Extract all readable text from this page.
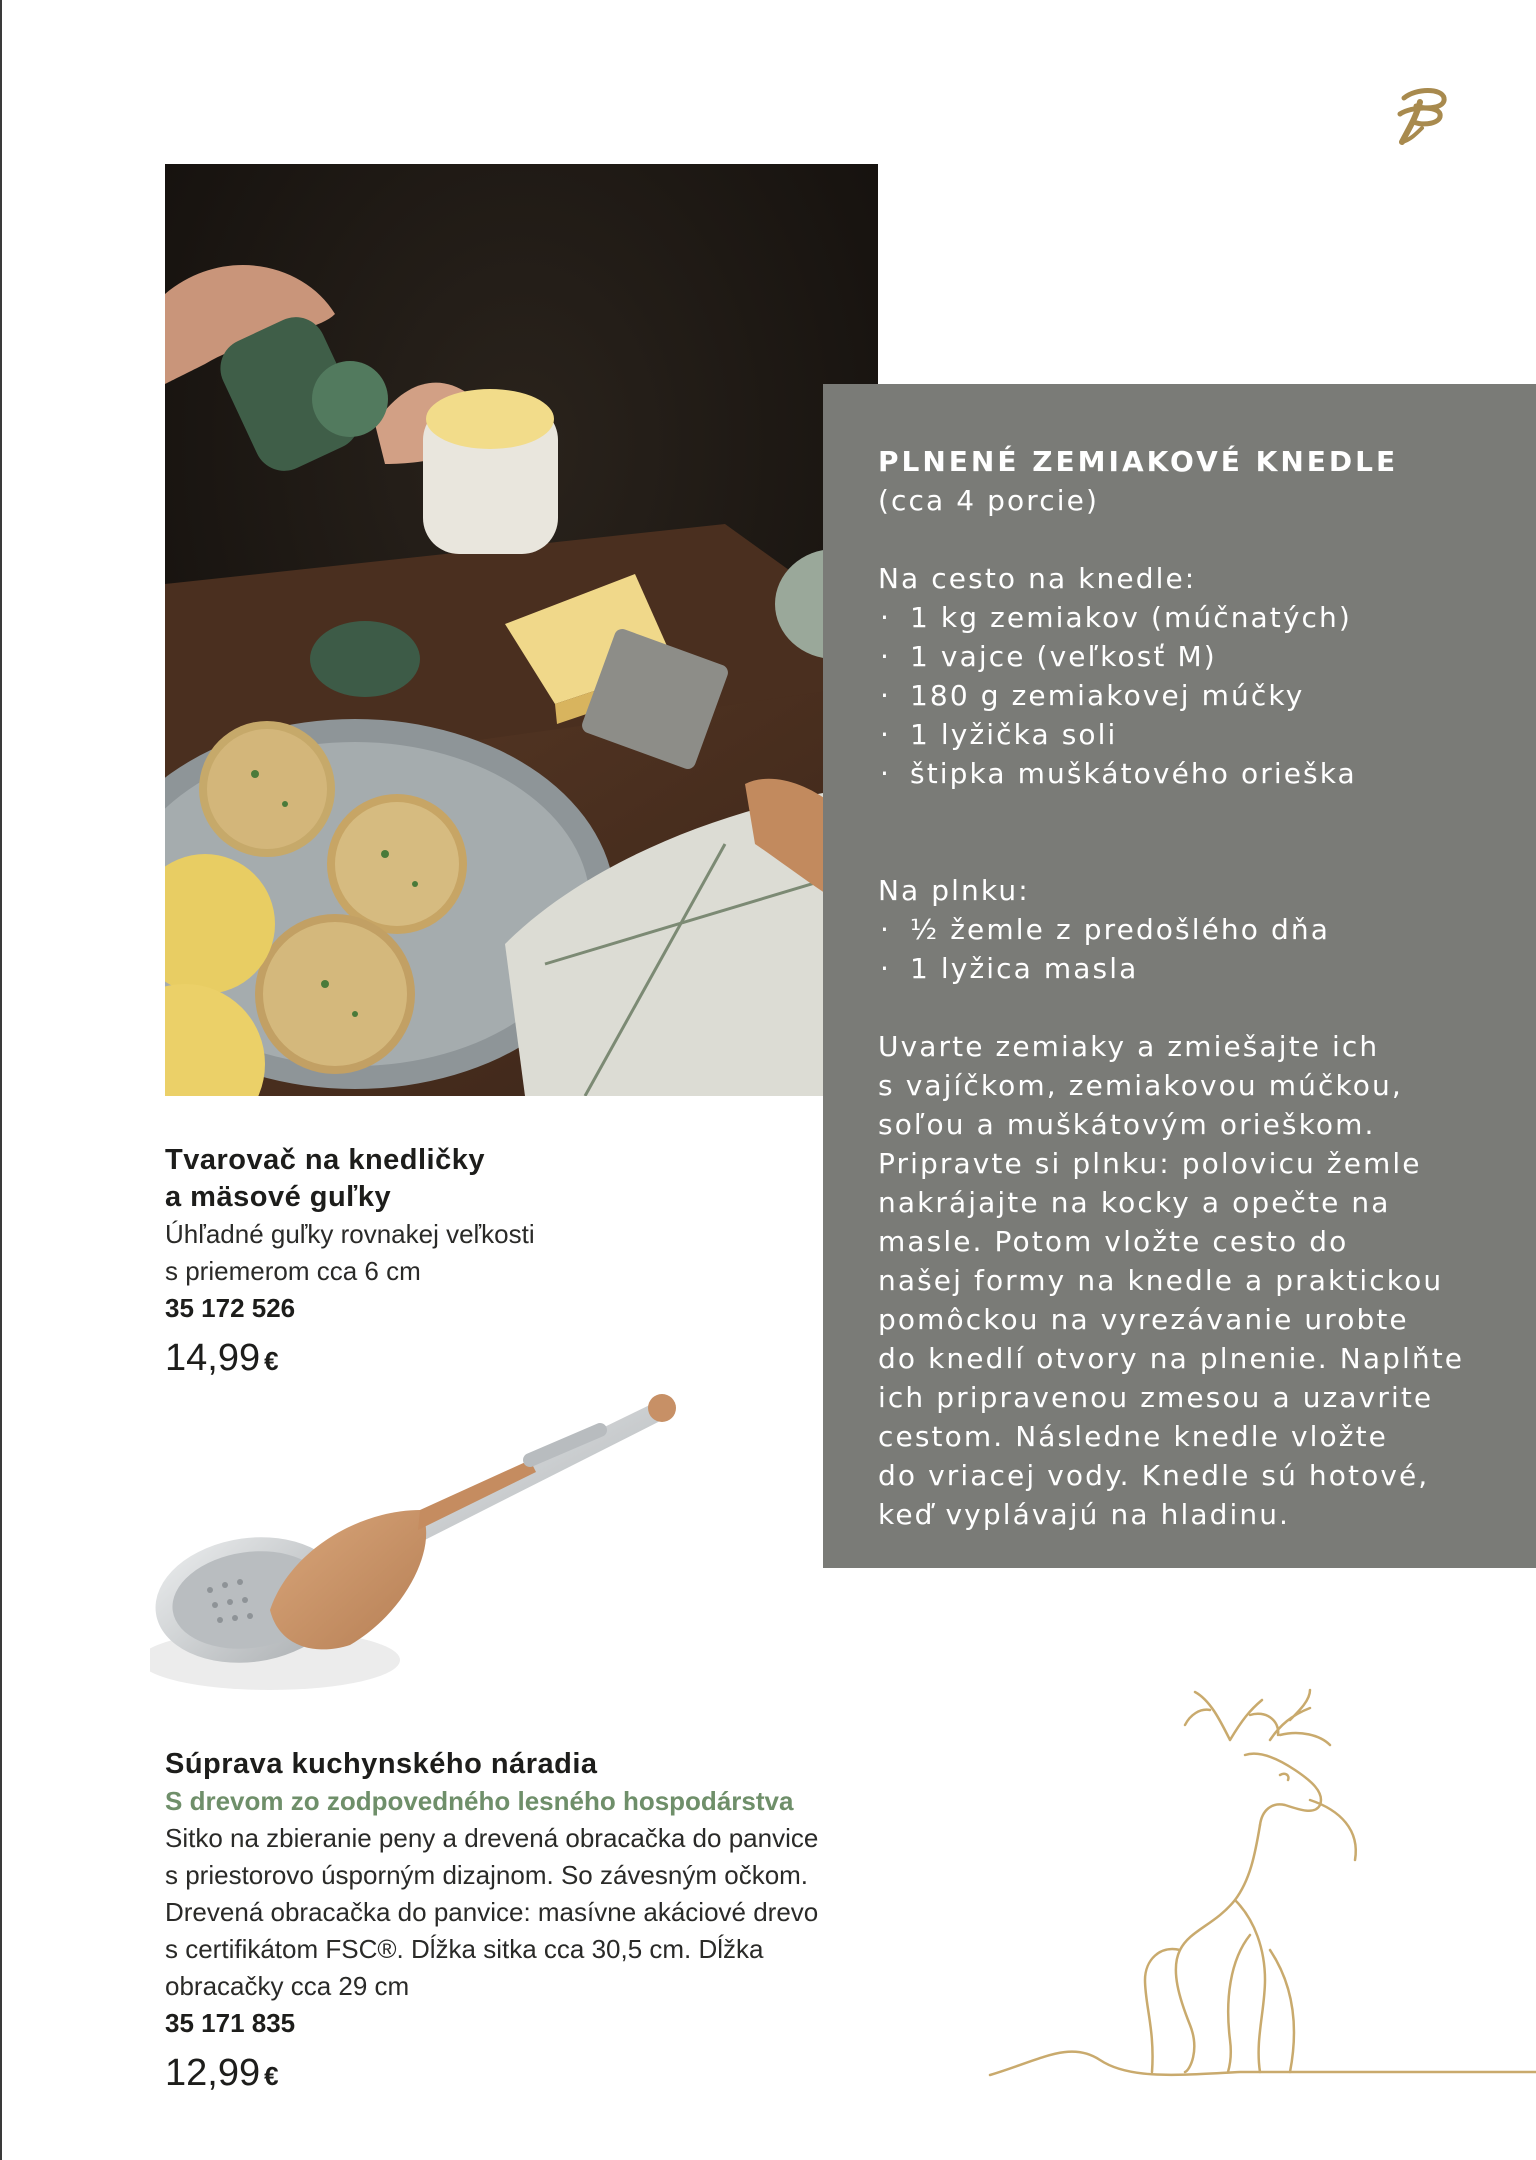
PLNENÉ ZEMIAKOVÉ KNEDLE
(cca 4 porcie)
Na cesto na knedle:
· 1 kg zemiakov (múčnatých)
· 1 vajce (veľkosť M)
· 180 g zemiakovej múčky
· 1 lyžička soli
· štipka muškátového orieška
Na plnku:
· ½ žemle z predošlého dňa
· 1 lyžica masla
Uvarte zemiaky a zmiešajte ich
s vajíčkom, zemiakovou múčkou,
soľou a muškátovým orieškom.
Pripravte si plnku: polovicu žemle
nakrájajte na kocky a opečte na
masle. Potom vložte cesto do
našej formy na knedle a praktickou
pomôckou na vyrezávanie urobte
do knedlí otvory na plnenie. Naplňte
ich pripravenou zmesou a uzavrite
cestom. Následne knedle vložte
do vriacej vody. Knedle sú hotové,
keď vyplávajú na hladinu.
Tvarovač na knedličky
a mäsové guľky
Úhľadné guľky rovnakej veľkosti
s priemerom cca 6 cm
35 172 526
14,99 €
Súprava kuchynského náradia
S drevom zo zodpovedného lesného hospodárstva
Sitko na zbieranie peny a drevená obracačka do panvice
s priestorovo úsporným dizajnom. So závesným očkom.
Drevená obracačka do panvice: masívne akáciové drevo
s certifikátom FSC®. Dĺžka sitka cca 30,5 cm. Dĺžka
obracačky cca 29 cm
35 171 835
12,99 €
